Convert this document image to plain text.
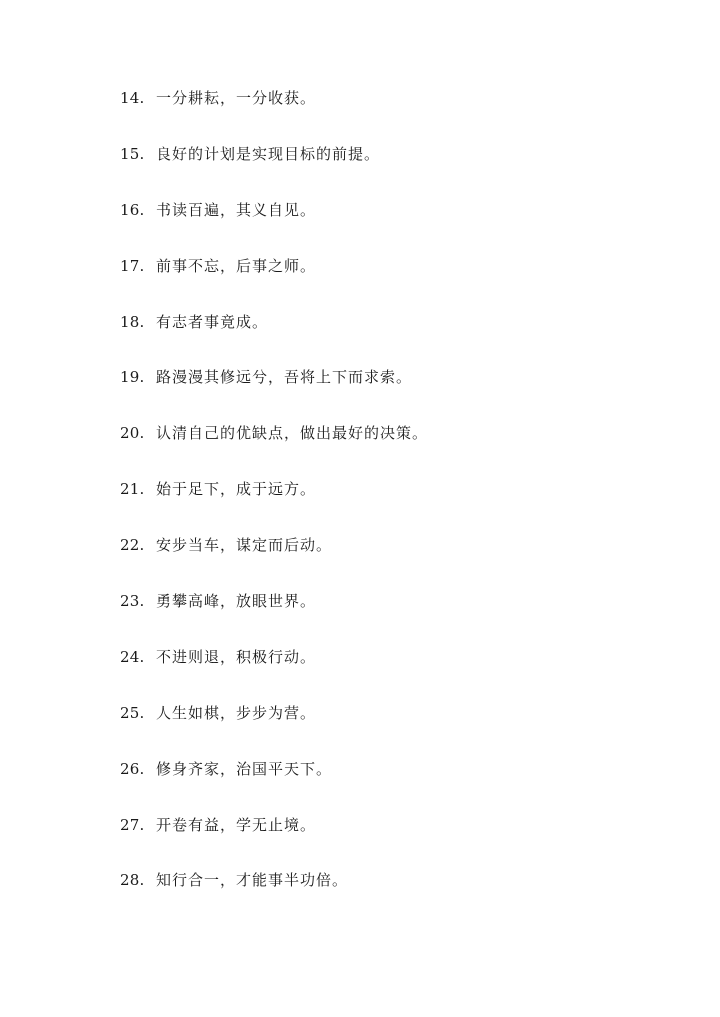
14. 一分耕耘，一分收获。
15. 良好的计划是实现目标的前提。
16. 书读百遍，其义自见。
17. 前事不忘，后事之师。
18. 有志者事竟成。
19. 路漫漫其修远兮，吾将上下而求索。
20. 认清自己的优缺点，做出最好的决策。
21. 始于足下，成于远方。
22. 安步当车，谋定而后动。
23. 勇攀高峰，放眼世界。
24. 不进则退，积极行动。
25. 人生如棋，步步为营。
26. 修身齐家，治国平天下。
27. 开卷有益，学无止境。
28. 知行合一，才能事半功倍。
